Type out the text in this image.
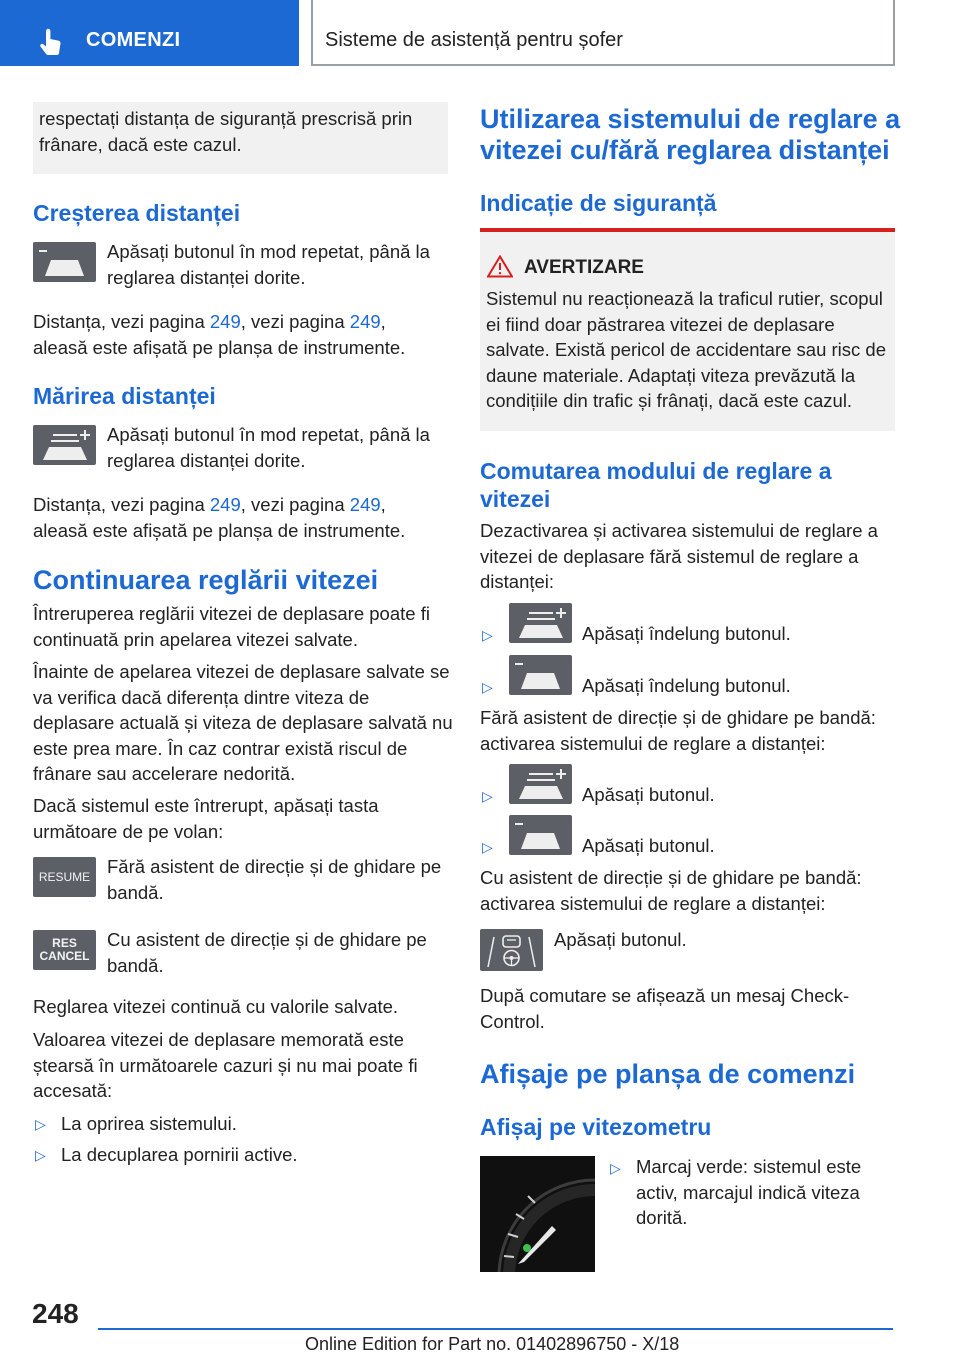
COMENZI	Sisteme de asistență pentru șofer

respectați distanța de siguranță prescrisă prin frânare, dacă este cazul.

Creșterea distanței

Apăsați butonul în mod repetat, până la reglarea distanței dorite.

Distanța, vezi pagina 249, vezi pagina 249,
aleasă este afișată pe planșa de instrumente.

Mărirea distanței

Apăsați butonul în mod repetat, până la reglarea distanței dorite.

Distanța, vezi pagina 249, vezi pagina 249,
aleasă este afișată pe planșa de instrumente.

Continuarea reglării vitezei

Întreruperea reglării vitezei de deplasare poate fi continuată prin apelarea vitezei salvate.

Înainte de apelarea vitezei de deplasare salvate se va verifica dacă diferența dintre viteza de deplasare actuală și viteza de deplasare salvată nu este prea mare. În caz contrar există riscul de frânare sau accelerare nedorită.

Dacă sistemul este întrerupt, apăsați tasta următoare de pe volan:

RESUME Fără asistent de direcție și de ghidare pe bandă.

RES
CANCEL

Cu asistent de direcție și de ghidare pe bandă.

Reglarea vitezei continuă cu valorile salvate.

Valoarea vitezei de deplasare memorată este ștearsă în următoarele cazuri și nu mai poate fi accesată:

▷ La oprirea sistemului.

▷ La decuplarea pornirii active.

Utilizarea sistemului de reglare a vitezei cu/fără reglarea distanței
Indicație de siguranță
AVERTIZARE

Sistemul nu reacționează la traficul rutier, scopul ei fiind doar păstrarea vitezei de deplasare salvate. Există pericol de accidentare sau risc de daune materiale. Adaptați viteza prevăzută la condițiile din trafic și frânați, dacă este cazul.

Comutarea modului de reglare a vitezei

Dezactivarea și activarea sistemului de reglare a vitezei de deplasare fără sistemul de reglare a distanței:

▷	Apăsați îndelung butonul.
▷	Apăsați îndelung butonul.

Fără asistent de direcție și de ghidare pe bandă: activarea sistemului de reglare a distanței:

▷	Apăsați butonul.
▷	Apăsați butonul.

Cu asistent de direcție și de ghidare pe bandă: activarea sistemului de reglare a distanței:

Apăsați butonul.

După comutare se afișează un mesaj Check-Control.

Afișaje pe planșa de comenzi
Afișaj pe vitezometru
▷ Marcaj verde: sistemul este activ, marcajul indică viteza dorită.

248
Online Edition for Part no. 01402896750 - X/18
